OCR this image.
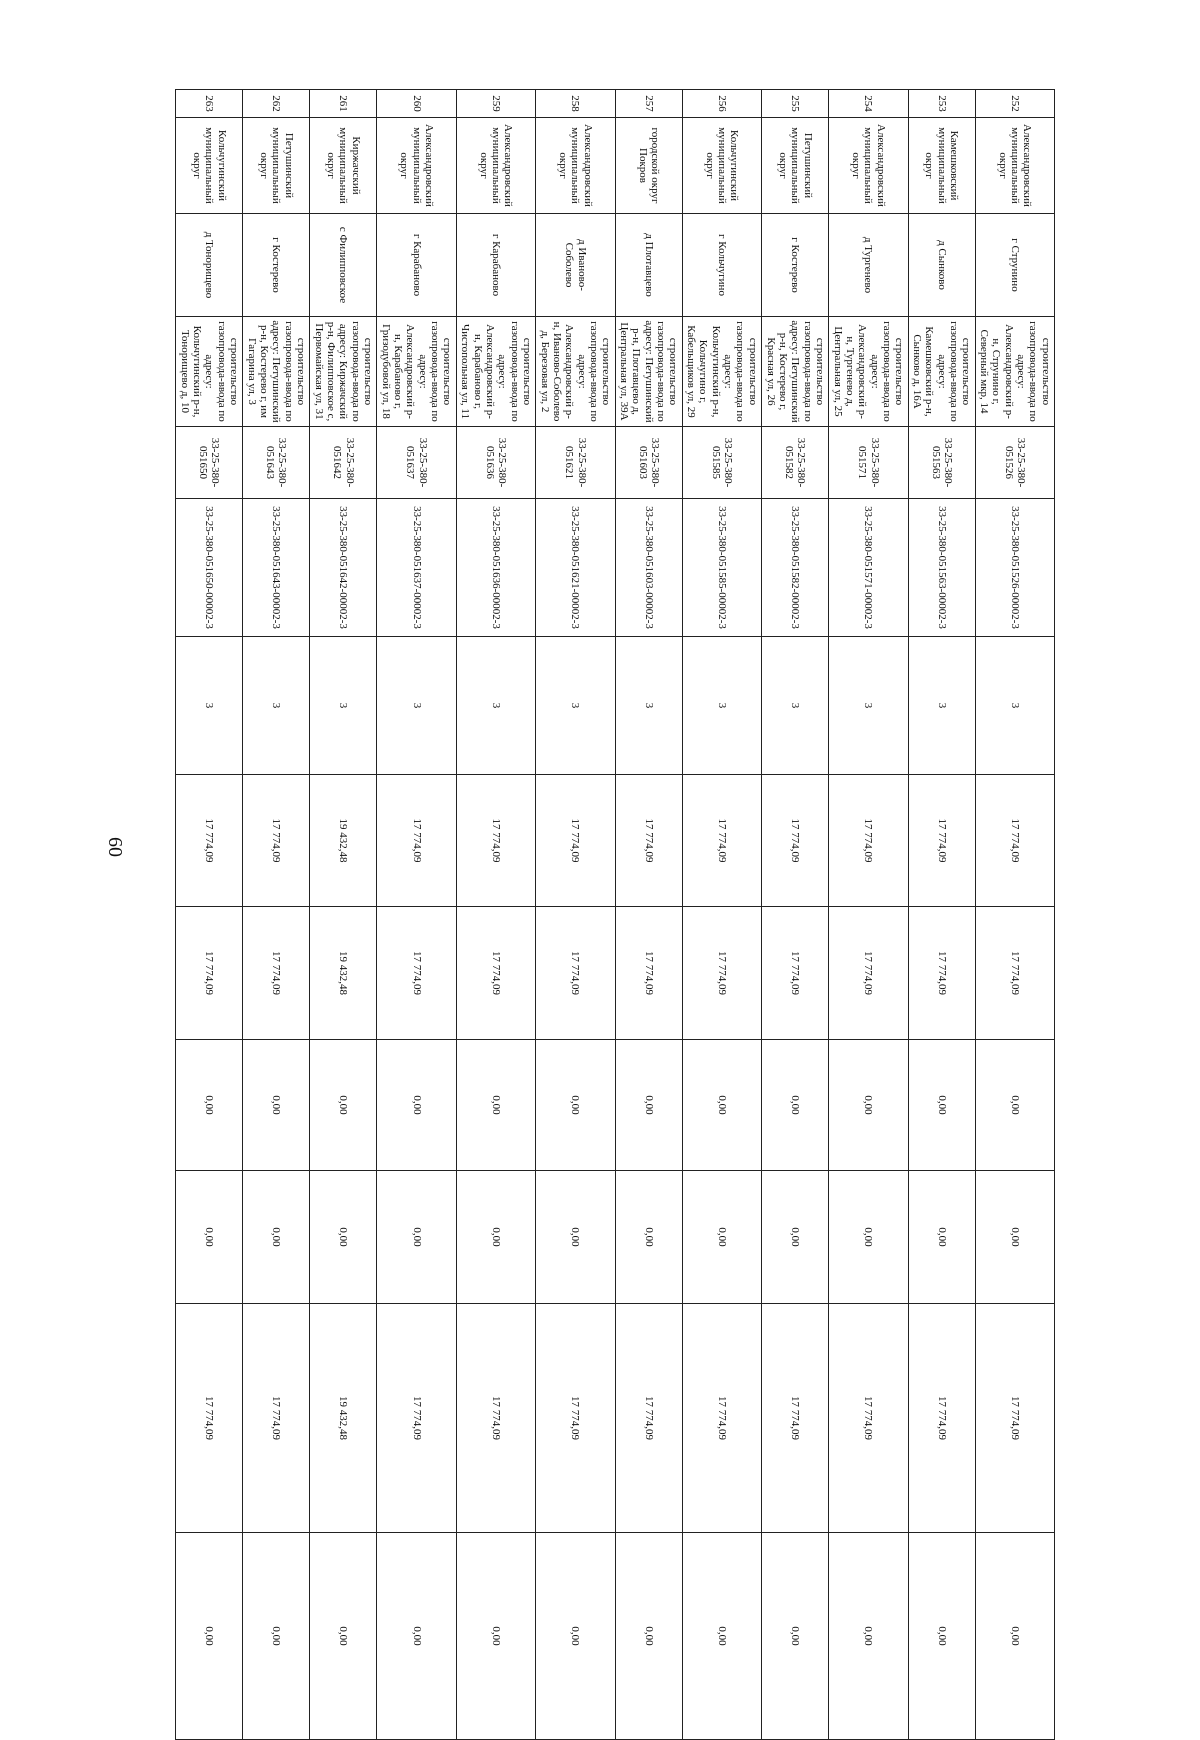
60
252	Александровский муниципальный округ	г Струнино	строительство газопровода-ввода по адресу: Александровский р-н, Струнино г, Северный мкр, 14	33-25-380-051526	33-25-380-051526-00002-3	3	17 774,09	17 774,09	0,00	0,00	17 774,09	0,00
253	Камешковский муниципальный округ	д Сынково	строительство газопровода-ввода по адресу: Камешковский р-н, Сынково д, 16А	33-25-380-051563	33-25-380-051563-00002-3	3	17 774,09	17 774,09	0,00	0,00	17 774,09	0,00
254	Александровский муниципальный округ	д Тургенево	строительство газопровода-ввода по адресу: Александровский р-н, Тургенево д, Центральная ул, 25	33-25-380-051571	33-25-380-051571-00002-3	3	17 774,09	17 774,09	0,00	0,00	17 774,09	0,00
255	Петушинский муниципальный округ	г Костерево	строительство газопровода-ввода по адресу: Петушинский р-н, Костерево г, Красная ул, 26	33-25-380-051582	33-25-380-051582-00002-3	3	17 774,09	17 774,09	0,00	0,00	17 774,09	0,00
256	Кольчугинский муниципальный округ	г Кольчугино	строительство газопровода-ввода по адресу: Кольчугинский р-н, Кольчугино г, Кабельщиков ул, 29	33-25-380-051585	33-25-380-051585-00002-3	3	17 774,09	17 774,09	0,00	0,00	17 774,09	0,00
257	городской округ Покров	д Плотавцево	строительство газопровода-ввода по адресу: Петушинский р-н, Плотавцево д, Центральная ул, 39А	33-25-380-051603	33-25-380-051603-00002-3	3	17 774,09	17 774,09	0,00	0,00	17 774,09	0,00
258	Александровский муниципальный округ	д Иваново-Соболево	строительство газопровода-ввода по адресу: Александровский р-н, Иваново-Соболево д, Березовая ул, 2	33-25-380-051621	33-25-380-051621-00002-3	3	17 774,09	17 774,09	0,00	0,00	17 774,09	0,00
259	Александровский муниципальный округ	г Карабаново	строительство газопровода-ввода по адресу: Александровский р-н, Карабаново г, Чистопольная ул, 11	33-25-380-051636	33-25-380-051636-00002-3	3	17 774,09	17 774,09	0,00	0,00	17 774,09	0,00
260	Александровский муниципальный округ	г Карабаново	строительство газопровода-ввода по адресу: Александровский р-н, Карабаново г, Гризодубовой ул, 18	33-25-380-051637	33-25-380-051637-00002-3	3	17 774,09	17 774,09	0,00	0,00	17 774,09	0,00
261	Киржачский муниципальный округ	с Филипповское	строительство газопровода-ввода по адресу: Киржачский р-н, Филипповское с, Первомайская ул, 31	33-25-380-051642	33-25-380-051642-00002-3	3	19 432,48	19 432,48	0,00	0,00	19 432,48	0,00
262	Петушинский муниципальный округ	г Костерево	строительство газопровода-ввода по адресу: Петушинский р-н, Костерево г, им Гагарина ул, 3	33-25-380-051643	33-25-380-051643-00002-3	3	17 774,09	17 774,09	0,00	0,00	17 774,09	0,00
263	Кольчугинский муниципальный округ	д Тонорищево	строительство газопровода-ввода по адресу: Кольчугинский р-н, Тонорищево д, 10	33-25-380-051650	33-25-380-051650-00002-3	3	17 774,09	17 774,09	0,00	0,00	17 774,09	0,00
